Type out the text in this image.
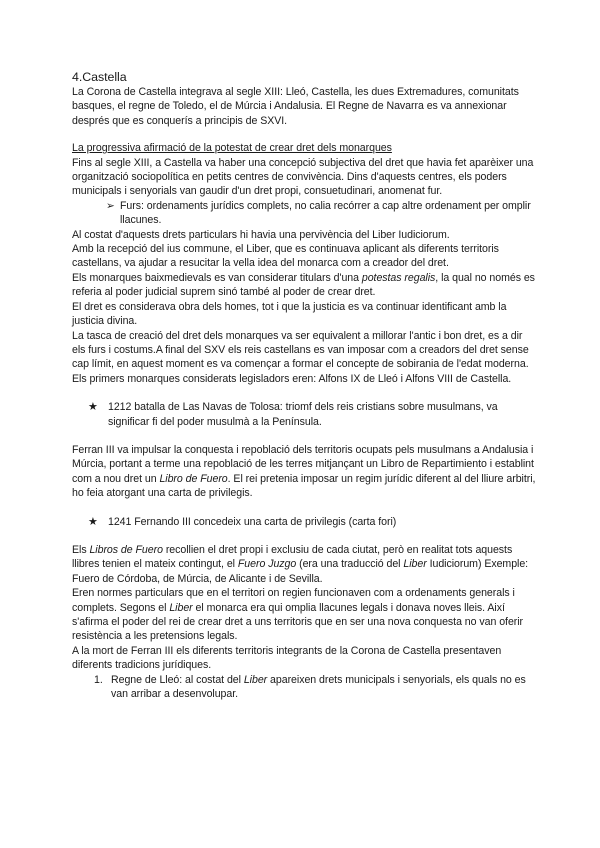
4.Castella

La Corona de Castella integrava al segle XIII: Lleó, Castella, les dues Extremadures, comunitats basques, el regne de Toledo, el de Múrcia i Andalusia. El Regne de Navarra es va annexionar després que es conquerís a principis de SXVI.

La progressiva afirmació de la potestat de crear dret dels monarques

Fins al segle XIII, a Castella va haber una concepció subjectiva del dret que havia fet aparèixer una organització sociopolítica en petits centres de convivència. Dins d'aquests centres, els poders municipals i senyorials van gaudir d'un dret propi, consuetudinari, anomenat fur.

➢ Furs: ordenaments jurídics complets, no calia recórrer a cap altre ordenament per omplir llacunes.

Al costat d'aquests drets particulars hi havia una pervivència del Liber Iudiciorum.

Amb la recepció del ius commune, el Liber, que es continuava aplicant als diferents territoris castellans, va ajudar a resucitar la vella idea del monarca com a creador del dret.

Els monarques baixmedievals es van considerar titulars d'una potestas regalis, la qual no només es referia al poder judicial suprem sinó també al poder de crear dret.

El dret es considerava obra dels homes, tot i que la justicia es va continuar identificant amb la justicia divina.

La tasca de creació del dret dels monarques va ser equivalent a millorar l'antic i bon dret, es a dir els furs i costums.A final del SXV els reis castellans es van imposar com a creadors del dret sense cap límit, en aquest moment es va començar a formar el concepte de sobirania de l'edat moderna. Els primers monarques considerats legisladors eren: Alfons IX de Lleó i Alfons VIII de Castella.

★ 1212 batalla de Las Navas de Tolosa: triomf dels reis cristians sobre musulmans, va significar fi del poder musulmà a la Península.

Ferran III va impulsar la conquesta i repoblació dels territoris ocupats pels musulmans a Andalusia i Múrcia, portant a terme una repoblació de les terres mitjançant un Libro de Repartimiento i establint com a nou dret un Libro de Fuero. El rei pretenia imposar un regim jurídic diferent al del lliure arbitri, ho feia atorgant una carta de privilegis.

★ 1241 Fernando III concedeix una carta de privilegis (carta fori)

Els Libros de Fuero recollien el dret propi i exclusiu de cada ciutat, però en realitat tots aquests llibres tenien el mateix contingut, el Fuero Juzgo (era una traducció del Liber Iudiciorum) Exemple: Fuero de Córdoba, de Múrcia, de Alicante i de Sevilla.

Eren normes particulars que en el territori on regien funcionaven com a ordenaments generals i complets. Segons el Liber el monarca era qui omplia llacunes legals i donava noves lleis. Així s'afirma el poder del rei de crear dret a uns territoris que en ser una nova conquesta no van oferir resistència a les pretensions legals.

A la mort de Ferran III els diferents territoris integrants de la Corona de Castella presentaven diferents tradicions jurídiques.

1. Regne de Lleó: al costat del Liber apareixen drets municipals i senyorials, els quals no es van arribar a desenvolupar.
